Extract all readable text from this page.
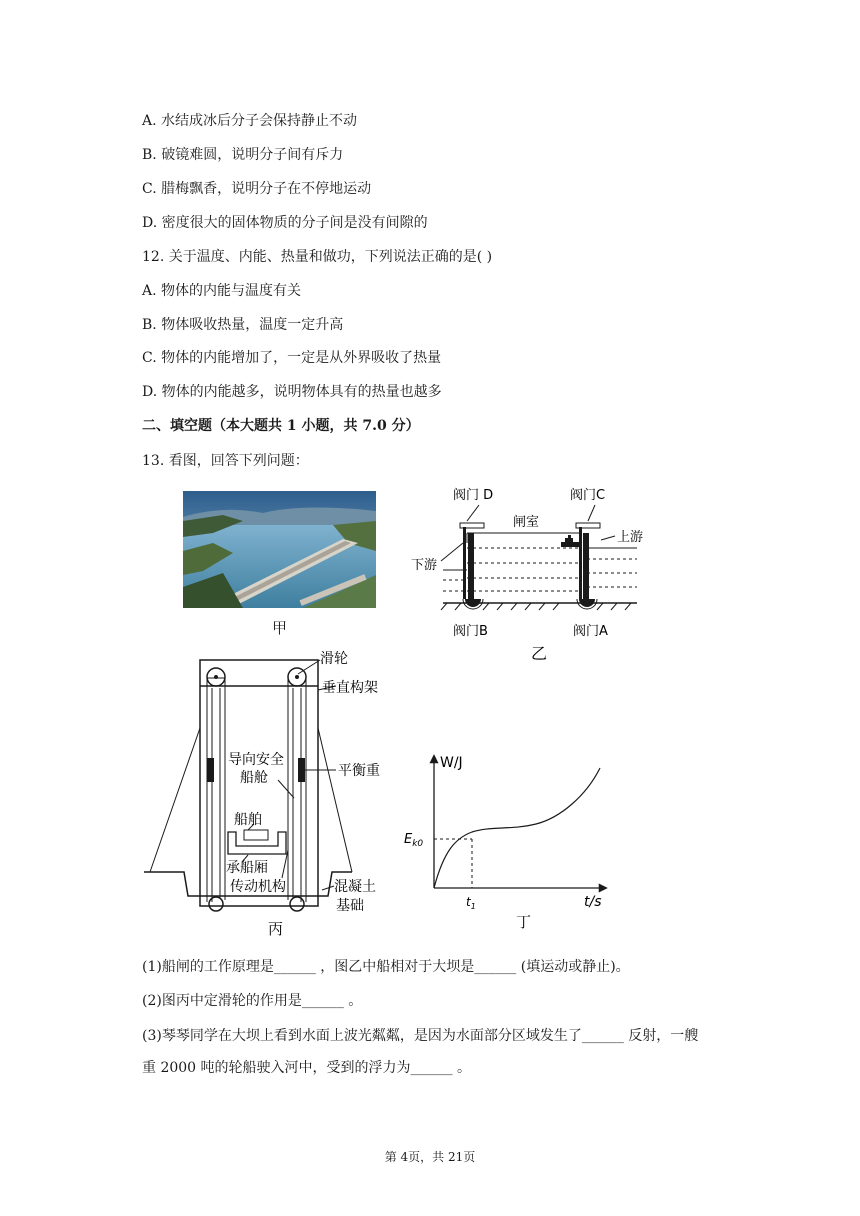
A. 水结成冰后分子会保持静止不动
B. 破镜难圆，说明分子间有斥力
C. 腊梅飘香，说明分子在不停地运动
D. 密度很大的固体物质的分子间是没有间隙的
12. 关于温度、内能、热量和做功，下列说法正确的是( )
A. 物体的内能与温度有关
B. 物体吸收热量，温度一定升高
C. 物体的内能增加了，一定是从外界吸收了热量
D. 物体的内能越多，说明物体具有的热量也越多
二、填空题（本大题共 1 小题，共 7.0 分）
13. 看图，回答下列问题：
甲
阀门 D	阀门C
闸室
上游
下游
阀门B	阀门A
乙
滑轮
垂直构架
导向安全
船舱	平衡重
船舶
承船厢
传动机构	混凝土
基础
丙
W/J
t/s
$E_{k0}$
$t_1$
丁
(1)船闸的工作原理是______ ，图乙中船相对于大坝是______ (填运动或静止)。
(2)图丙中定滑轮的作用是______ 。
(3)琴琴同学在大坝上看到水面上波光粼粼，是因为水面部分区域发生了______ 反射，一艘
重 2000 吨的轮船驶入河中，受到的浮力为______ 。
第 4页，共 21页
